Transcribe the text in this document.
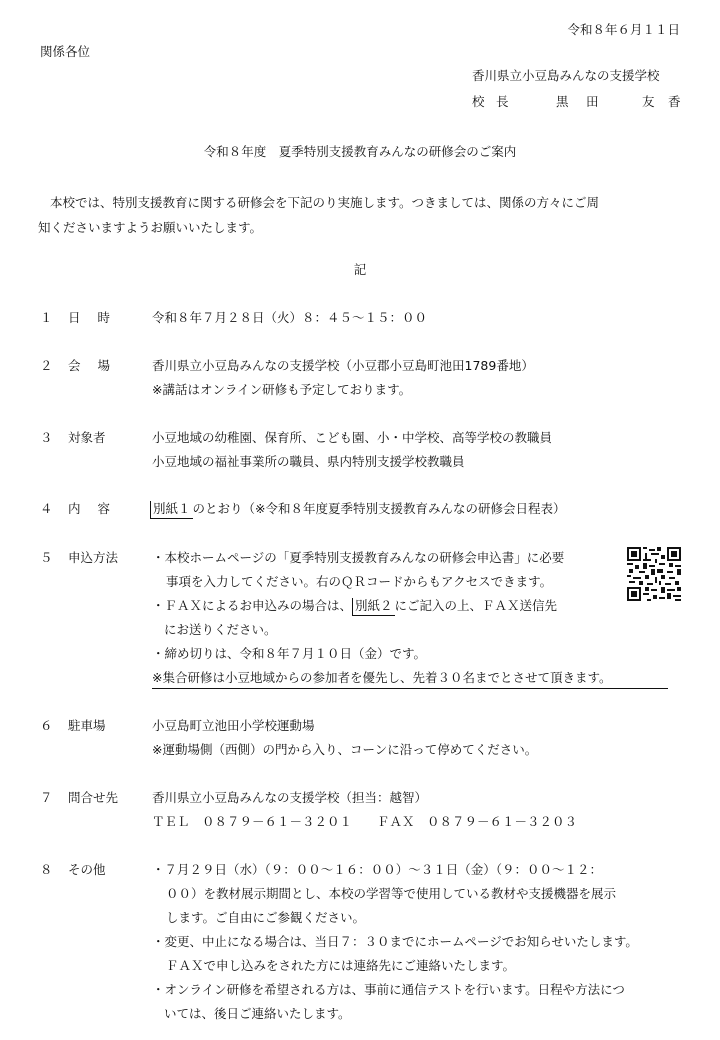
令和８年６月１１日
関係各位
香川県立小豆島みんなの支援学校
校 長	黒	田	友	香
令和８年度　夏季特別支援教育みんなの研修会のご案内

本校では、特別支援教育に関する研修会を下記のり実施します。つきましては、関係の方々にご周

知くださいますようお願いいたします。

記
１ 日 時	令和８年７月２８日（火）８：４５～１５：００
２ 会 場	香川県立小豆島みんなの支援学校（小豆郡小豆島町池田1789番地）
※講話はオンライン研修も予定しております。
３ 対象者	小豆地域の幼稚園、保育所、こども園、小・中学校、高等学校の教職員
小豆地域の福祉事業所の職員、県内特別支援学校教職員
４ 内 容	別紙１ のとおり（※令和８年度夏季特別支援教育みんなの研修会日程表）
５ 申込方法	・本校ホームページの「夏季特別支援教育みんなの研修会申込書」に必要
事項を入力してください。右のＱＲコードからもアクセスできます。
・ＦＡＸによるお申込みの場合は、 別紙２ にご記入の上、ＦＡＸ送信先
にお送りください。
・締め切りは、令和８年７月１０日（金）です。
※集合研修は小豆地域からの参加者を優先し、先着３０名までとさせて頂きます。
６ 駐車場	小豆島町立池田小学校運動場
※運動場側（西側）の門から入り、コーンに沿って停めてください。
７ 問合せ先	香川県立小豆島みんなの支援学校（担当：越智）
ＴＥＬ　０８７９－６１－３２０１　　ＦＡＸ　０８７９－６１－３２０３
８ その他	・７月２９日（水）（９：００～１６：００）～３１日（金）（９：００～１２：
００）を教材展示期間とし、本校の学習等で使用している教材や支援機器を展示
します。ご自由にご参観ください。
・変更、中止になる場合は、当日７：３０までにホームページでお知らせいたします。
ＦＡＸで申し込みをされた方には連絡先にご連絡いたします。
・オンライン研修を希望される方は、事前に通信テストを行います。日程や方法につ
いては、後日ご連絡いたします。
